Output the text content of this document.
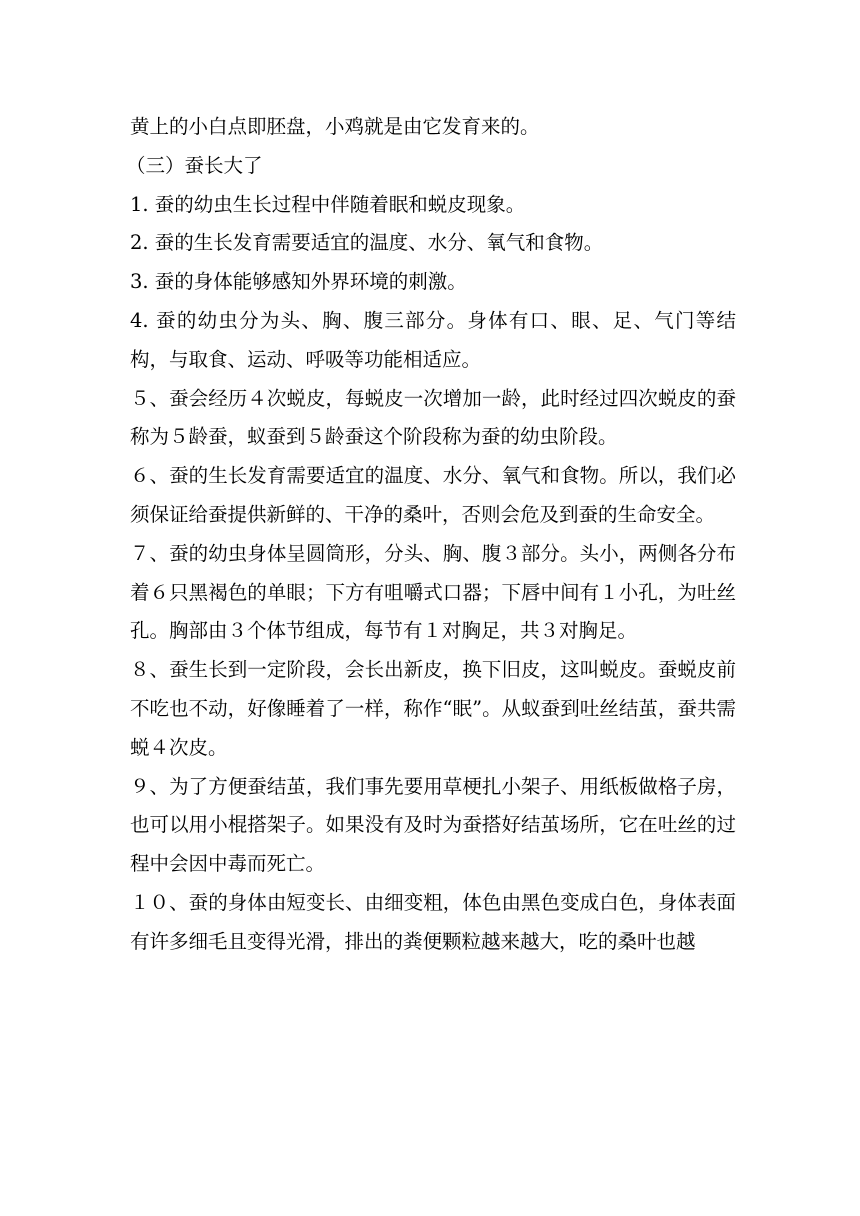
黄上的小白点即胚盘，小鸡就是由它发育来的。

（三）蚕长大了

1. 蚕的幼虫生长过程中伴随着眠和蜕皮现象。

2. 蚕的生长发育需要适宜的温度、水分、氧气和食物。

3. 蚕的身体能够感知外界环境的刺激。

4. 蚕的幼虫分为头、胸、腹三部分。身体有口、眼、足、气门等结构，与取食、运动、呼吸等功能相适应。

５、蚕会经历４次蜕皮，每蜕皮一次增加一龄，此时经过四次蜕皮的蚕称为５龄蚕，蚁蚕到５龄蚕这个阶段称为蚕的幼虫阶段。

６、蚕的生长发育需要适宜的温度、水分、氧气和食物。所以，我们必须保证给蚕提供新鲜的、干净的桑叶，否则会危及到蚕的生命安全。

７、蚕的幼虫身体呈圆筒形，分头、胸、腹３部分。头小，两侧各分布着６只黑褐色的单眼；下方有咀嚼式口器；下唇中间有１小孔，为吐丝孔。胸部由３个体节组成，每节有１对胸足，共３对胸足。

８、蚕生长到一定阶段，会长出新皮，换下旧皮，这叫蜕皮。蚕蜕皮前不吃也不动，好像睡着了一样，称作“眠”。从蚁蚕到吐丝结茧，蚕共需蜕４次皮。

９、为了方便蚕结茧，我们事先要用草梗扎小架子、用纸板做格子房，也可以用小棍搭架子。如果没有及时为蚕搭好结茧场所，它在吐丝的过程中会因中毒而死亡。

１０、蚕的身体由短变长、由细变粗，体色由黑色变成白色，身体表面有许多细毛且变得光滑，排出的粪便颗粒越来越大，吃的桑叶也越
